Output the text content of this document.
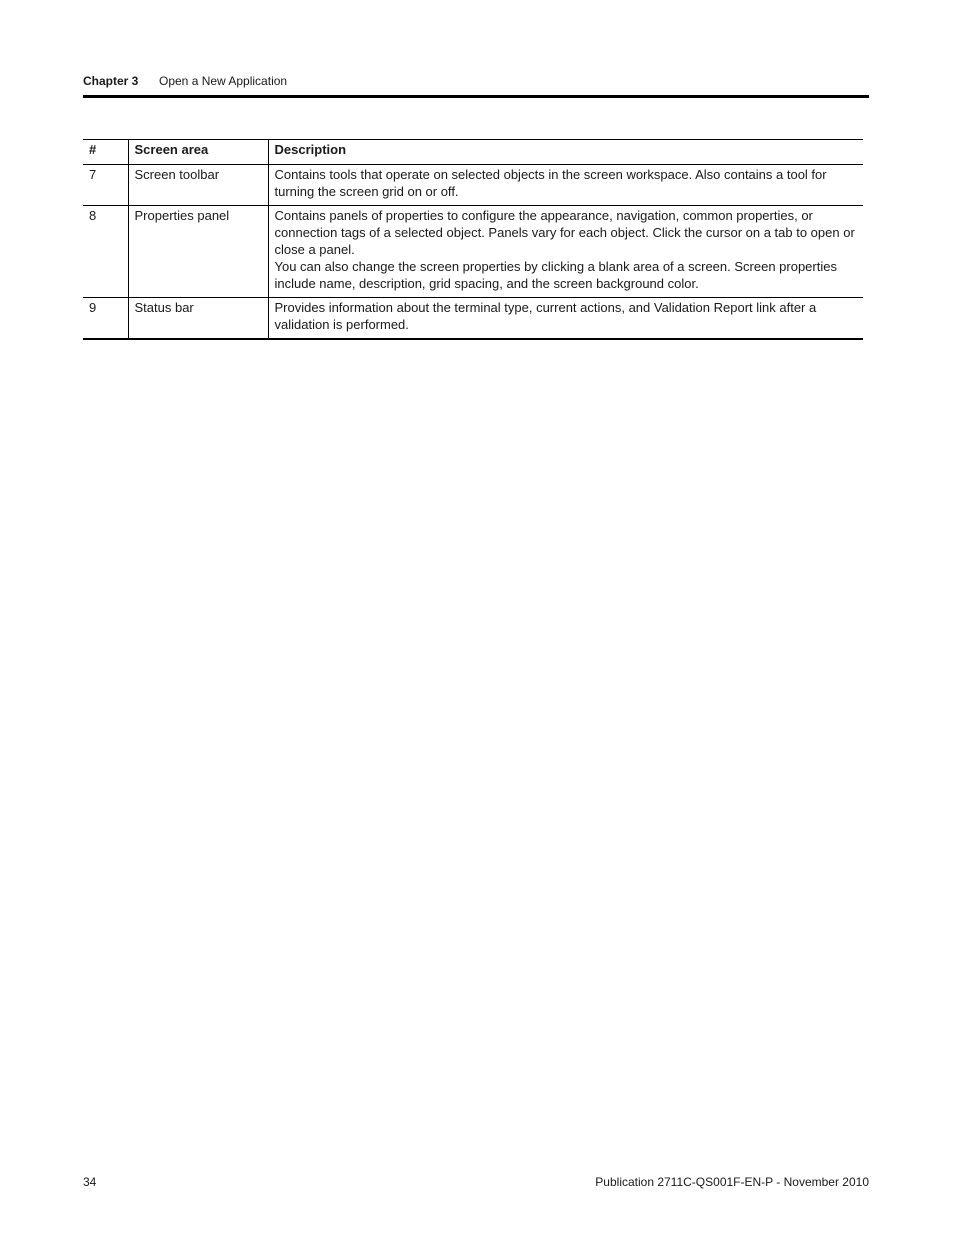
Chapter 3 Open a New Application
#	Screen area	Description
7	Screen toolbar	Contains tools that operate on selected objects in the screen workspace. Also contains a tool for turning the screen grid on or off.

8	Properties panel	Contains panels of properties to configure the appearance, navigation, common properties, or connection tags of a selected object. Panels vary for each object. Click the cursor on a tab to open or close a panel.
You can also change the screen properties by clicking a blank area of a screen. Screen properties include name, description, grid spacing, and the screen background color.

9	Status bar	Provides information about the terminal type, current actions, and Validation Report link after a validation is performed.
34	Publication 2711C-QS001F-EN-P - November 2010
